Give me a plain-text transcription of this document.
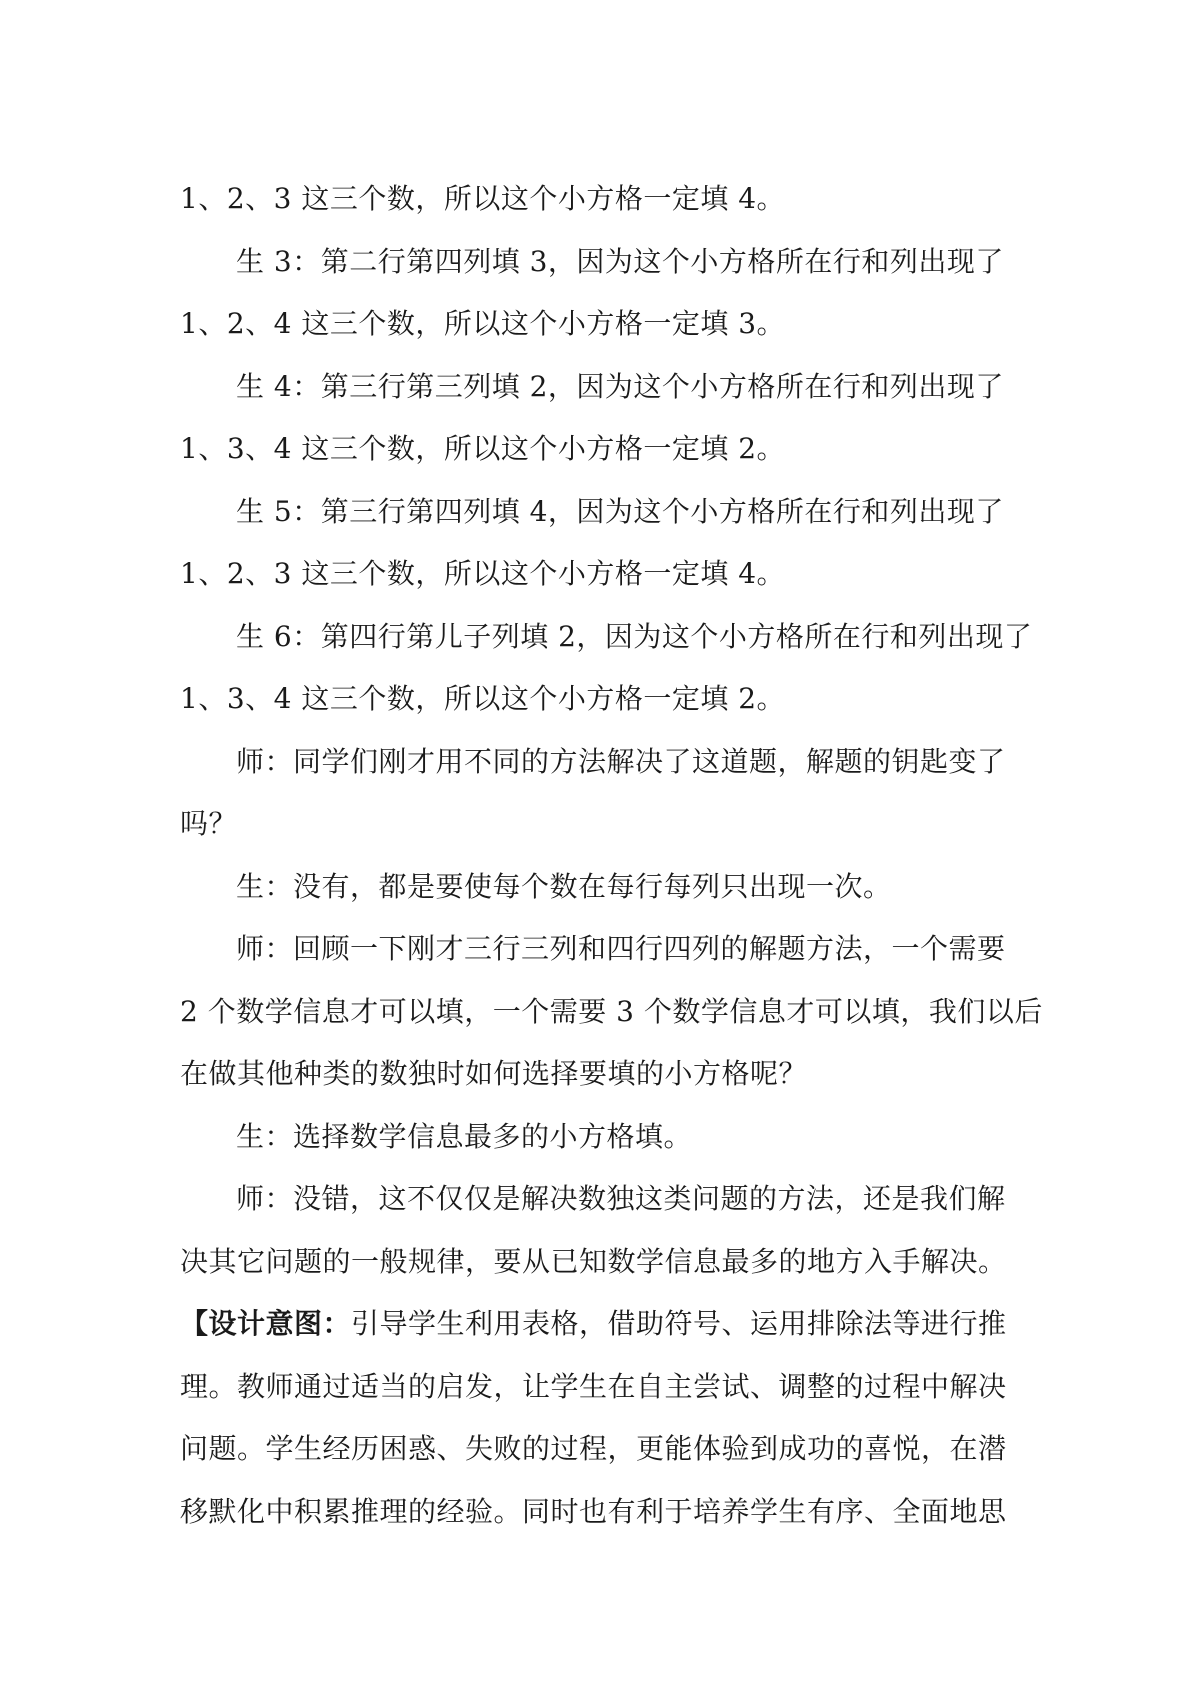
1、2、3 这三个数，所以这个小方格一定填 4。
生 3：第二行第四列填 3，因为这个小方格所在行和列出现了
1、2、4 这三个数，所以这个小方格一定填 3。
生 4：第三行第三列填 2，因为这个小方格所在行和列出现了
1、3、4 这三个数，所以这个小方格一定填 2。
生 5：第三行第四列填 4，因为这个小方格所在行和列出现了
1、2、3 这三个数，所以这个小方格一定填 4。
生 6：第四行第儿子列填 2，因为这个小方格所在行和列出现了
1、3、4 这三个数，所以这个小方格一定填 2。
师：同学们刚才用不同的方法解决了这道题，解题的钥匙变了
吗？
生：没有，都是要使每个数在每行每列只出现一次。
师：回顾一下刚才三行三列和四行四列的解题方法，一个需要
2 个数学信息才可以填，一个需要 3 个数学信息才可以填，我们以后
在做其他种类的数独时如何选择要填的小方格呢？
生：选择数学信息最多的小方格填。
师：没错，这不仅仅是解决数独这类问题的方法，还是我们解
决其它问题的一般规律，要从已知数学信息最多的地方入手解决。
【设计意图：引导学生利用表格，借助符号、运用排除法等进行推
理。教师通过适当的启发，让学生在自主尝试、调整的过程中解决
问题。学生经历困惑、失败的过程，更能体验到成功的喜悦，在潜
移默化中积累推理的经验。同时也有利于培养学生有序、全面地思
